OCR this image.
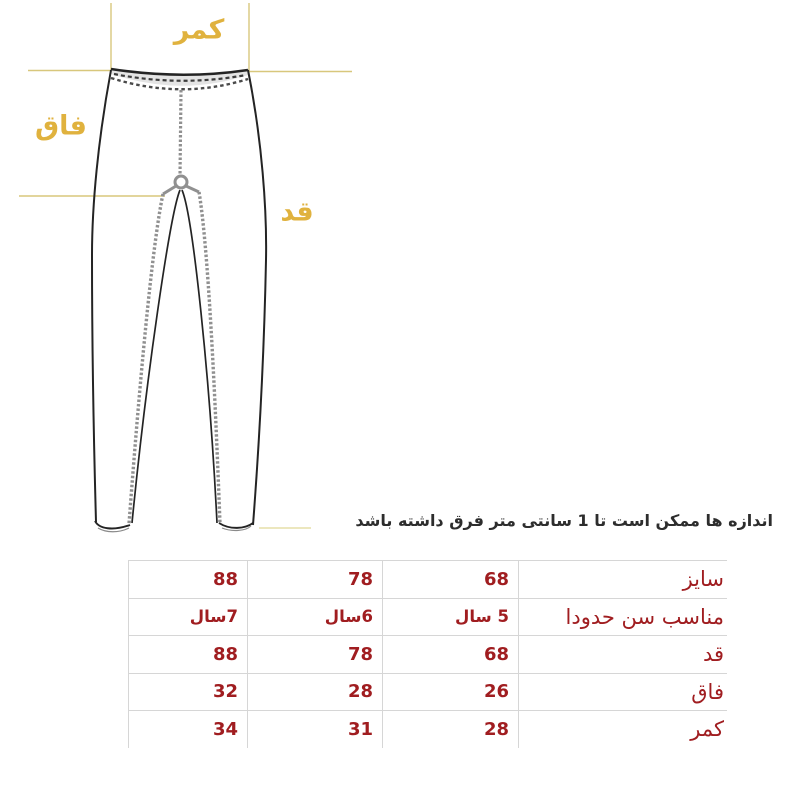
کمر
فاق
قد
اندازه ها ممکن است تا 1 سانتی متر فرق داشته باشد
سایز
68
78
88
مناسب سن حدودا
5 سال
6سال
7سال
قد
68
78
88
فاق
26
28
32
کمر
28
31
34
